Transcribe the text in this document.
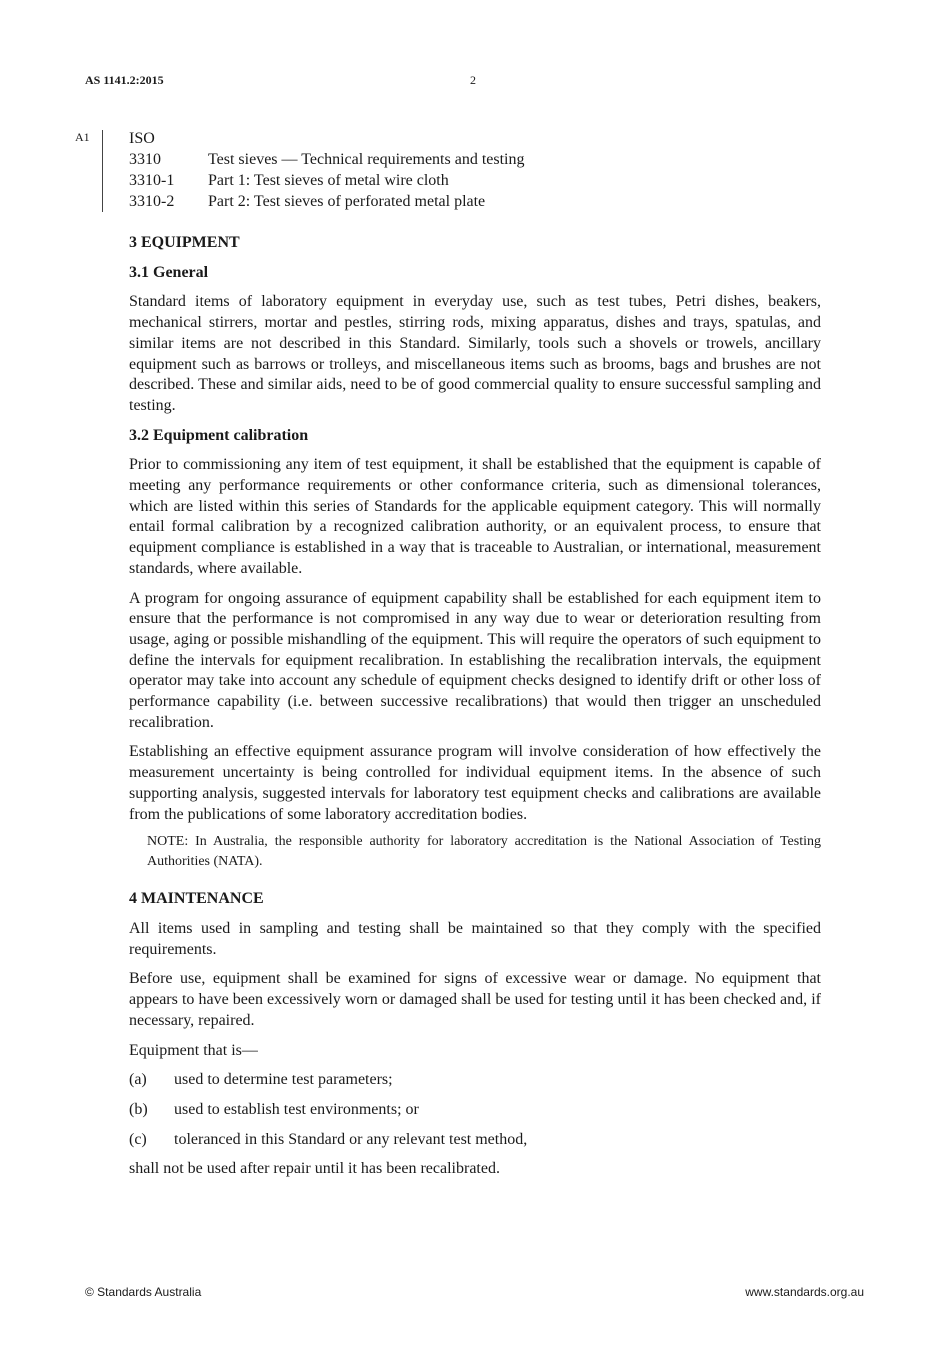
AS 1141.2:2015	2
A1 ISO
3310	Test sieves — Technical requirements and testing
3310-1	Part 1: Test sieves of metal wire cloth
3310-2	Part 2: Test sieves of perforated metal plate
3 EQUIPMENT
3.1 General
Standard items of laboratory equipment in everyday use, such as test tubes, Petri dishes, beakers, mechanical stirrers, mortar and pestles, stirring rods, mixing apparatus, dishes and trays, spatulas, and similar items are not described in this Standard. Similarly, tools such a shovels or trowels, ancillary equipment such as barrows or trolleys, and miscellaneous items such as brooms, bags and brushes are not described. These and similar aids, need to be of good commercial quality to ensure successful sampling and testing.
3.2 Equipment calibration
Prior to commissioning any item of test equipment, it shall be established that the equipment is capable of meeting any performance requirements or other conformance criteria, such as dimensional tolerances, which are listed within this series of Standards for the applicable equipment category. This will normally entail formal calibration by a recognized calibration authority, or an equivalent process, to ensure that equipment compliance is established in a way that is traceable to Australian, or international, measurement standards, where available.
A program for ongoing assurance of equipment capability shall be established for each equipment item to ensure that the performance is not compromised in any way due to wear or deterioration resulting from usage, aging or possible mishandling of the equipment. This will require the operators of such equipment to define the intervals for equipment recalibration. In establishing the recalibration intervals, the equipment operator may take into account any schedule of equipment checks designed to identify drift or other loss of performance capability (i.e. between successive recalibrations) that would then trigger an unscheduled recalibration.
Establishing an effective equipment assurance program will involve consideration of how effectively the measurement uncertainty is being controlled for individual equipment items. In the absence of such supporting analysis, suggested intervals for laboratory test equipment checks and calibrations are available from the publications of some laboratory accreditation bodies.
NOTE: In Australia, the responsible authority for laboratory accreditation is the National Association of Testing Authorities (NATA).
4 MAINTENANCE
All items used in sampling and testing shall be maintained so that they comply with the specified requirements.
Before use, equipment shall be examined for signs of excessive wear or damage. No equipment that appears to have been excessively worn or damaged shall be used for testing until it has been checked and, if necessary, repaired.
Equipment that is—
(a)	used to determine test parameters;
(b)	used to establish test environments; or
(c)	toleranced in this Standard or any relevant test method,
shall not be used after repair until it has been recalibrated.
© Standards Australia	www.standards.org.au
